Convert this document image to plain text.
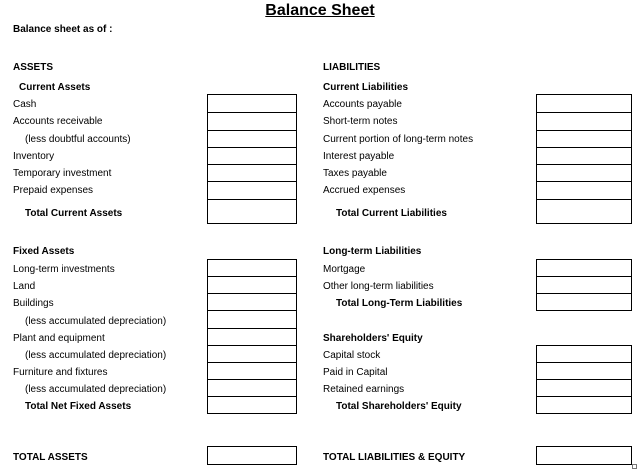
Balance Sheet
Balance sheet as of :
ASSETS
Current Assets
Cash
Accounts receivable
(less doubtful accounts)
Inventory
Temporary investment
Prepaid expenses
Total Current Assets
Fixed Assets
Long-term investments
Land
Buildings
(less accumulated depreciation)
Plant and equipment
(less accumulated depreciation)
Furniture and fixtures
(less accumulated depreciation)
Total Net Fixed Assets
TOTAL ASSETS
LIABILITIES
Current Liabilities
Accounts payable
Short-term notes
Current portion of long-term notes
Interest payable
Taxes payable
Accrued expenses
Total Current Liabilities
Long-term Liabilities
Mortgage
Other long-term liabilities
Total Long-Term Liabilities
Shareholders' Equity
Capital stock
Paid in Capital
Retained earnings
Total Shareholders' Equity
TOTAL LIABILITIES & EQUITY
